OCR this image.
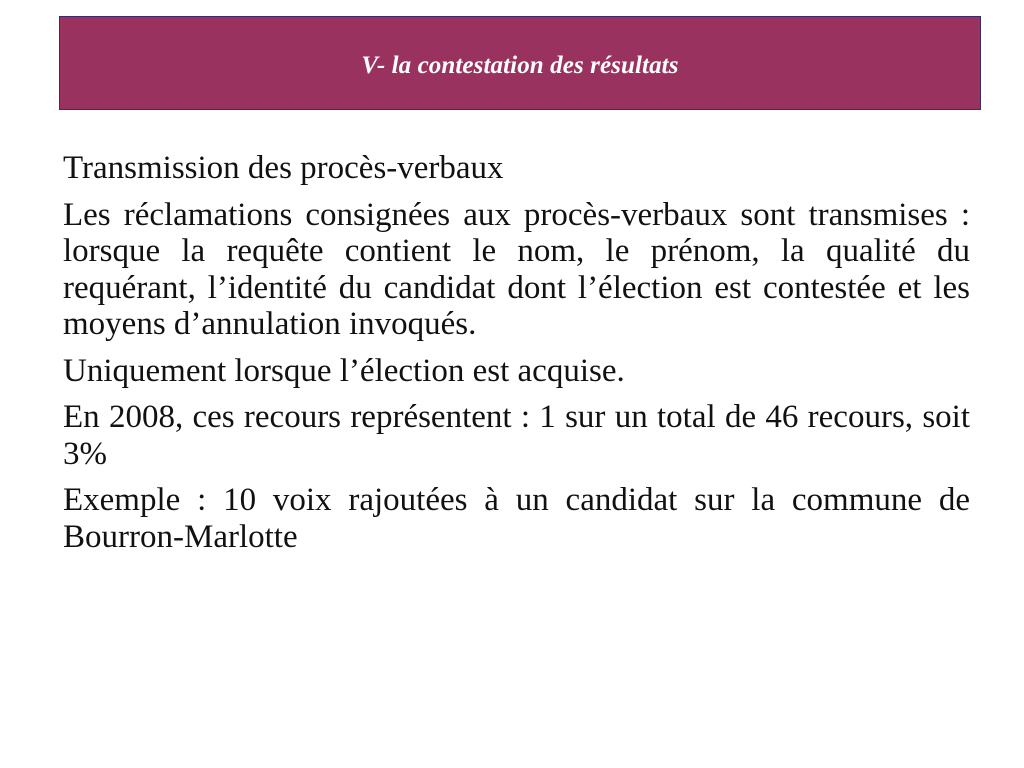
V- la contestation des résultats

Transmission des procès-verbaux

Les réclamations consignées aux procès-verbaux sont transmises : lorsque la requête contient le nom, le prénom, la qualité du requérant, l’identité du candidat dont l’élection est contestée et les moyens d’annulation invoqués.

Uniquement lorsque l’élection est acquise.

En 2008, ces recours représentent : 1 sur un total de 46 recours, soit 3%

Exemple : 10 voix rajoutées à un candidat sur la commune de Bourron-Marlotte
